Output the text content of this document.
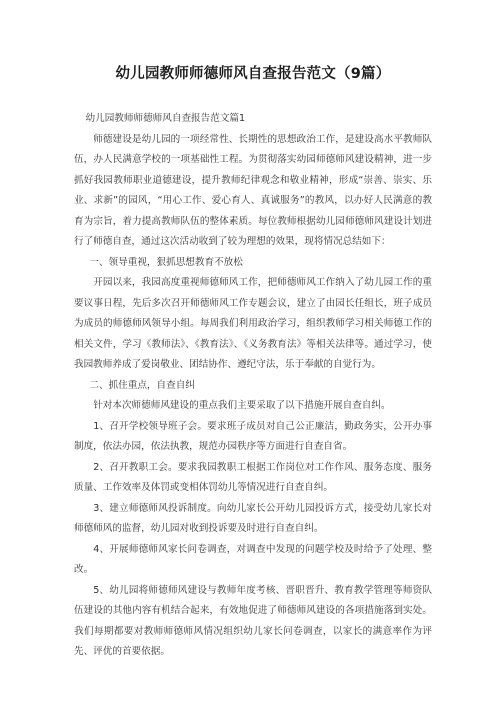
幼儿园教师师德师风自查报告范文（9篇）

幼儿园教师师德师风自查报告范文篇1

师德建设是幼儿园的一项经常性、长期性的思想政治工作，是建设高水平教师队伍，办人民满意学校的一项基础性工程。为贯彻落实幼园师德师风建设精神，进一步抓好我园教师职业道德建设，提升教师纪律观念和敬业精神，形成“崇善、崇实、乐业、求新”的园风，“用心工作、爱心育人、真诚服务”的教风，以办好人民满意的教育为宗旨，着力提高教师队伍的整体素质。每位教师根据幼儿园师德师风建设计划进行了师德自查，通过这次活动收到了较为理想的效果，现将情况总结如下：

一、领导重视，狠抓思想教育不放松

开园以来，我园高度重视师德师风工作，把师德师风工作纳入了幼儿园工作的重要议事日程，先后多次召开师德师风工作专题会议，建立了由园长任组长，班子成员为成员的师德师风领导小组。每周我们利用政治学习，组织教师学习相关师德工作的相关文件，学习《教师法》、《教育法》、《义务教育法》等相关法律等。通过学习，使我园教师养成了爱岗敬业、团结协作、遵纪守法，乐于奉献的自觉行为。

二、抓住重点，自查自纠

针对本次师德师风建设的重点我们主要采取了以下措施开展自查自纠。

1、召开学校领导班子会。要求班子成员对自己公正廉洁，勤政务实，公开办事制度，依法办园，依法执教，规范办园秩序等方面进行自查自省。

2、召开教职工会。要求我园教职工根据工作岗位对工作作风、服务态度、服务质量、工作效率及体罚或变相体罚幼儿等情况进行自查自纠。

3、建立师德师风投诉制度。向幼儿家长公开幼儿园投诉方式，接受幼儿家长对师德师风的监督，幼儿园对收到投诉要及时进行自查自纠。

4、开展师德师风家长问卷调查，对调查中发现的问题学校及时给予了处理、整改。

5、幼儿园将师德师风建设与教师年度考核、晋职晋升、教育教学管理等师资队伍建设的其他内容有机结合起来，有效地促进了师德师风建设的各项措施落到实处。我们每期都要对教师师德师风情况组织幼儿家长问卷调查，以家长的满意率作为评先、评优的首要依据。
